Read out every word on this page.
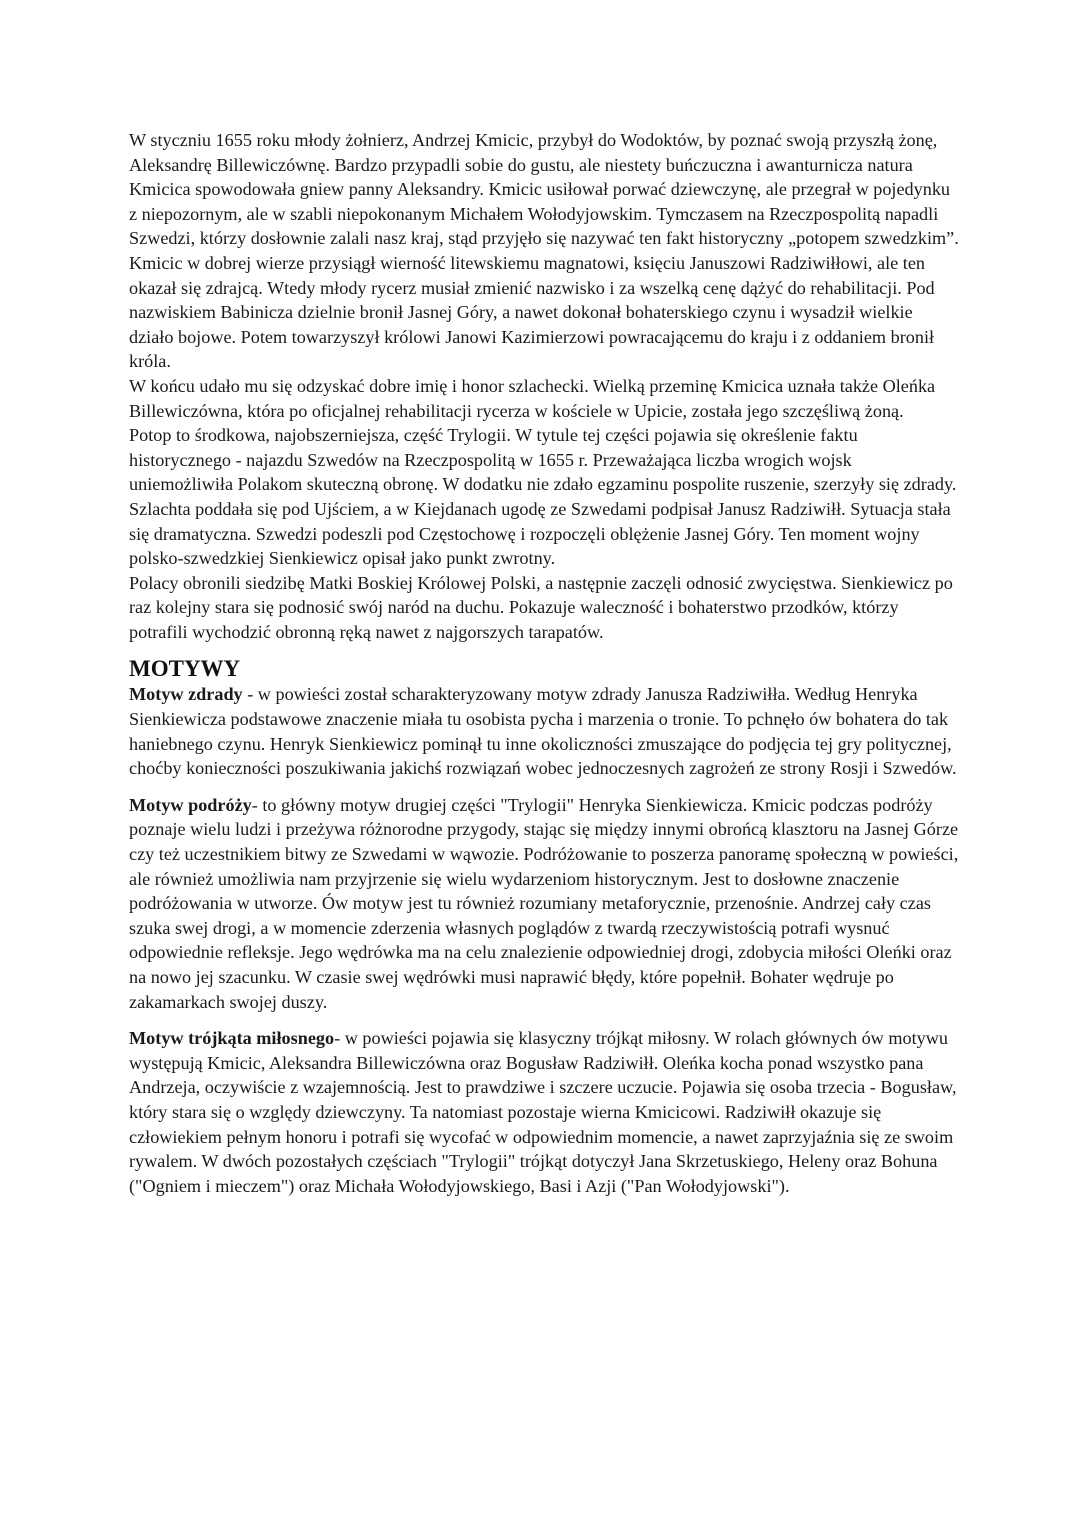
W styczniu 1655 roku młody żołnierz, Andrzej Kmicic, przybył do Wodoktów, by poznać swoją przyszłą żonę, Aleksandrę Billewiczównę. Bardzo przypadli sobie do gustu, ale niestety buńczuczna i awanturnicza natura Kmicica spowodowała gniew panny Aleksandry. Kmicic usiłował porwać dziewczynę, ale przegrał w pojedynku z niepozornym, ale w szabli niepokonanym Michałem Wołodyjowskim. Tymczasem na Rzeczpospolitą napadli Szwedzi, którzy dosłownie zalali nasz kraj, stąd przyjęło się nazywać ten fakt historyczny „potopem szwedzkim”. Kmicic w dobrej wierze przysiągł wierność litewskiemu magnatowi, księciu Januszowi Radziwiłłowi, ale ten okazał się zdrajcą. Wtedy młody rycerz musiał zmienić nazwisko i za wszelką cenę dążyć do rehabilitacji. Pod nazwiskiem Babinicza dzielnie bronił Jasnej Góry, a nawet dokonał bohaterskiego czynu i wysadził wielkie działo bojowe. Potem towarzyszył królowi Janowi Kazimierzowi powracającemu do kraju i z oddaniem bronił króla.

W końcu udało mu się odzyskać dobre imię i honor szlachecki. Wielką przeminę Kmicica uznała także Oleńka Billewiczówna, która po oficjalnej rehabilitacji rycerza w kościele w Upicie, została jego szczęśliwą żoną.

Potop to środkowa, najobszerniejsza, część Trylogii. W tytule tej części pojawia się określenie faktu historycznego - najazdu Szwedów na Rzeczpospolitą w 1655 r. Przeważająca liczba wrogich wojsk uniemożliwiła Polakom skuteczną obronę. W dodatku nie zdało egzaminu pospolite ruszenie, szerzyły się zdrady. Szlachta poddała się pod Ujściem, a w Kiejdanach ugodę ze Szwedami podpisał Janusz Radziwiłł. Sytuacja stała się dramatyczna. Szwedzi podeszli pod Częstochowę i rozpoczęli oblężenie Jasnej Góry. Ten moment wojny polsko-szwedzkiej Sienkiewicz opisał jako punkt zwrotny.

Polacy obronili siedzibę Matki Boskiej Królowej Polski, a następnie zaczęli odnosić zwycięstwa. Sienkiewicz po raz kolejny stara się podnosić swój naród na duchu. Pokazuje waleczność i bohaterstwo przodków, którzy potrafili wychodzić obronną ręką nawet z najgorszych tarapatów.

MOTYWY

Motyw zdrady - w powieści został scharakteryzowany motyw zdrady Janusza Radziwiłła. Według Henryka Sienkiewicza podstawowe znaczenie miała tu osobista pycha i marzenia o tronie. To pchnęło ów bohatera do tak haniebnego czynu. Henryk Sienkiewicz pominął tu inne okoliczności zmuszające do podjęcia tej gry politycznej, choćby konieczności poszukiwania jakichś rozwiązań wobec jednoczesnych zagrożeń ze strony Rosji i Szwedów.

Motyw podróży- to główny motyw drugiej części "Trylogii" Henryka Sienkiewicza. Kmicic podczas podróży poznaje wielu ludzi i przeżywa różnorodne przygody, stając się między innymi obrońcą klasztoru na Jasnej Górze czy też uczestnikiem bitwy ze Szwedami w wąwozie. Podróżowanie to poszerza panoramę społeczną w powieści, ale również umożliwia nam przyjrzenie się wielu wydarzeniom historycznym. Jest to dosłowne znaczenie podróżowania w utworze. Ów motyw jest tu również rozumiany metaforycznie, przenośnie. Andrzej cały czas szuka swej drogi, a w momencie zderzenia własnych poglądów z twardą rzeczywistością potrafi wysnuć odpowiednie refleksje. Jego wędrówka ma na celu znalezienie odpowiedniej drogi, zdobycia miłości Oleńki oraz na nowo jej szacunku. W czasie swej wędrówki musi naprawić błędy, które popełnił. Bohater wędruje po zakamarkach swojej duszy.

Motyw trójkąta miłosnego- w powieści pojawia się klasyczny trójkąt miłosny. W rolach głównych ów motywu występują Kmicic, Aleksandra Billewiczówna oraz Bogusław Radziwiłł. Oleńka kocha ponad wszystko pana Andrzeja, oczywiście z wzajemnością. Jest to prawdziwe i szczere uczucie. Pojawia się osoba trzecia - Bogusław, który stara się o względy dziewczyny. Ta natomiast pozostaje wierna Kmicicowi. Radziwiłł okazuje się człowiekiem pełnym honoru i potrafi się wycofać w odpowiednim momencie, a nawet zaprzyjaźnia się ze swoim rywalem. W dwóch pozostałych częściach "Trylogii" trójkąt dotyczył Jana Skrzetuskiego, Heleny oraz Bohuna ("Ogniem i mieczem") oraz Michała Wołodyjowskiego, Basi i Azji ("Pan Wołodyjowski").
